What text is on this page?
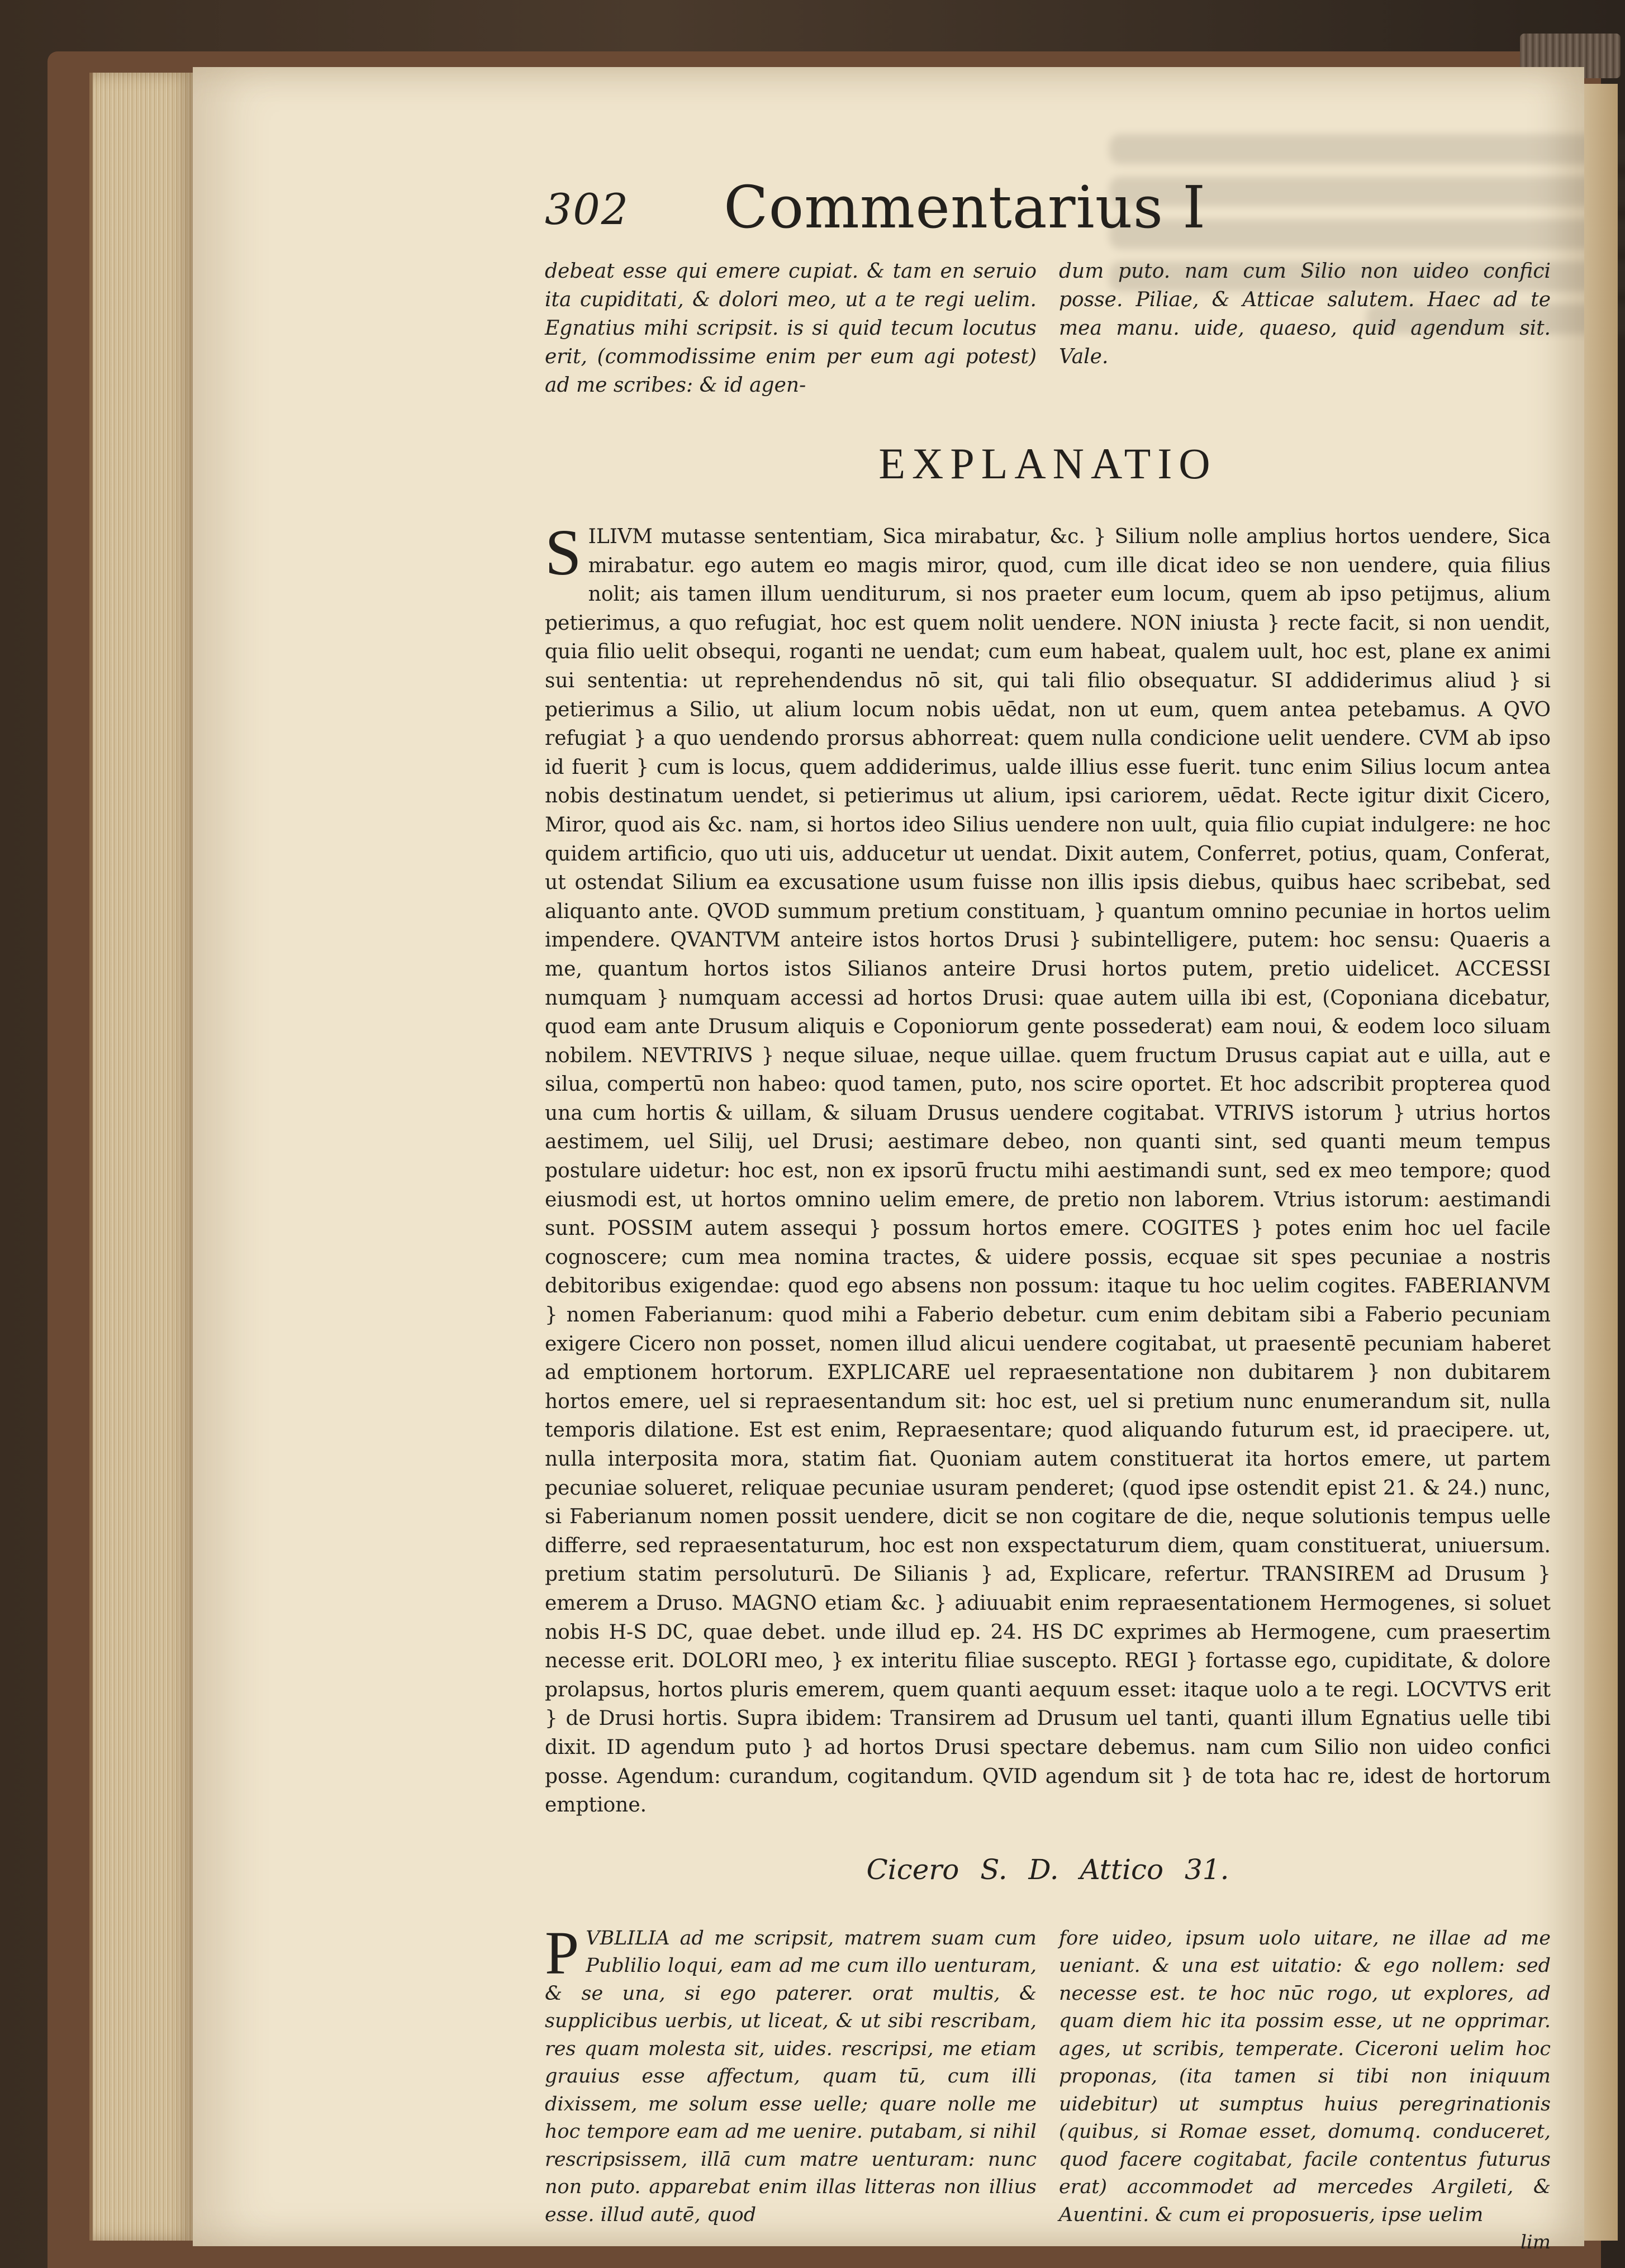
302 Commentarius I

debeat esse qui emere cupiat. & tam en seruio ita cupiditati, & dolori meo, ut a te regi uelim. Egnatius mihi scripsit. is si quid tecum locutus erit, (commodissime enim per eum agi potest) ad me scribes: & id agen-

dum puto. nam cum Silio non uideo confici posse. Piliae, & Atticae salutem. Haec ad te mea manu. uide, quaeso, quid agendum sit. Vale.

EXPLANATIO
S ILIVM mutasse sententiam, Sica mirabatur, &c. } Silium nolle amplius hortos uendere, Sica mirabatur. ego autem eo magis miror, quod, cum ille dicat ideo se non uendere, quia filius nolit; ais tamen illum uenditurum, si nos praeter eum locum, quem ab ipso petijmus, alium petierimus, a quo refugiat, hoc est quem nolit uendere. NON iniusta } recte facit, si non uendit, quia filio uelit obsequi, roganti ne uendat; cum eum habeat, qualem uult, hoc est, plane ex animi sui sententia: ut reprehendendus nō sit, qui tali filio obsequatur. SI addiderimus aliud } si petierimus a Silio, ut alium locum nobis uēdat, non ut eum, quem antea petebamus. A QVO refugiat } a quo uendendo prorsus abhorreat: quem nulla condicione uelit uendere. CVM ab ipso id fuerit } cum is locus, quem addiderimus, ualde illius esse fuerit. tunc enim Silius locum antea nobis destinatum uendet, si petierimus ut alium, ipsi cariorem, uēdat. Recte igitur dixit Cicero, Miror, quod ais &c. nam, si hortos ideo Silius uendere non uult, quia filio cupiat indulgere: ne hoc quidem artificio, quo uti uis, adducetur ut uendat. Dixit autem, Conferret, potius, quam, Conferat, ut ostendat Silium ea excusatione usum fuisse non illis ipsis diebus, quibus haec scribebat, sed aliquanto ante. QVOD summum pretium constituam, } quantum omnino pecuniae in hortos uelim impendere. QVANTVM anteire istos hortos Drusi } subintelligere, putem: hoc sensu: Quaeris a me, quantum hortos istos Silianos anteire Drusi hortos putem, pretio uidelicet. ACCESSI numquam } numquam accessi ad hortos Drusi: quae autem uilla ibi est, (Coponiana dicebatur, quod eam ante Drusum aliquis e Coponiorum gente possederat) eam noui, & eodem loco siluam nobilem. NEVTRIVS } neque siluae, neque uillae. quem fructum Drusus capiat aut e uilla, aut e silua, compertū non habeo: quod tamen, puto, nos scire oportet. Et hoc adscribit propterea quod una cum hortis & uillam, & siluam Drusus uendere cogitabat. VTRIVS istorum } utrius hortos aestimem, uel Silij, uel Drusi; aestimare debeo, non quanti sint, sed quanti meum tempus postulare uidetur: hoc est, non ex ipsorū fructu mihi aestimandi sunt, sed ex meo tempore; quod eiusmodi est, ut hortos omnino uelim emere, de pretio non laborem. Vtrius istorum: aestimandi sunt. POSSIM autem assequi } possum hortos emere. COGITES } potes enim hoc uel facile cognoscere; cum mea nomina tractes, & uidere possis, ecquae sit spes pecuniae a nostris debitoribus exigendae: quod ego absens non possum: itaque tu hoc uelim cogites. FABERIANVM } nomen Faberianum: quod mihi a Faberio debetur. cum enim debitam sibi a Faberio pecuniam exigere Cicero non posset, nomen illud alicui uendere cogitabat, ut praesentē pecuniam haberet ad emptionem hortorum. EXPLICARE uel repraesentatione non dubitarem } non dubitarem hortos emere, uel si repraesentandum sit: hoc est, uel si pretium nunc enumerandum sit, nulla temporis dilatione. Est est enim, Repraesentare; quod aliquando futurum est, id praecipere. ut, nulla interposita mora, statim fiat. Quoniam autem constituerat ita hortos emere, ut partem pecuniae solueret, reliquae pecuniae usuram penderet; (quod ipse ostendit epist 21. & 24.) nunc, si Faberianum nomen possit uendere, dicit se non cogitare de die, neque solutionis tempus uelle differre, sed repraesentaturum, hoc est non exspectaturum diem, quam constituerat, uniuersum. pretium statim persoluturū. De Silianis } ad, Explicare, refertur. TRANSIREM ad Drusum } emerem a Druso. MAGNO etiam &c. } adiuuabit enim repraesentationem Hermogenes, si soluet nobis H-S DC, quae debet. unde illud ep. 24. HS DC exprimes ab Hermogene, cum praesertim necesse erit. DOLORI meo, } ex interitu filiae suscepto. REGI } fortasse ego, cupiditate, & dolore prolapsus, hortos pluris emerem, quem quanti aequum esset: itaque uolo a te regi. LOCVTVS erit } de Drusi hortis. Supra ibidem: Transirem ad Drusum uel tanti, quanti illum Egnatius uelle tibi dixit. ID agendum puto } ad hortos Drusi spectare debemus. nam cum Silio non uideo confici posse. Agendum: curandum, cogitandum. QVID agendum sit } de tota hac re, idest de hortorum emptione.

Cicero S. D. Attico 31.
P VBLILIA ad me scripsit, matrem suam cum Publilio loqui, eam ad me cum illo uenturam, & se una, si ego paterer. orat multis, & supplicibus uerbis, ut liceat, & ut sibi rescribam, res quam molesta sit, uides. rescripsi, me etiam grauius esse affectum, quam tū, cum illi dixissem, me solum esse uelle; quare nolle me hoc tempore eam ad me uenire. putabam, si nihil rescripsissem, illā cum matre uenturam: nunc non puto. apparebat enim illas litteras non illius esse. illud autē, quod

fore uideo, ipsum uolo uitare, ne illae ad me ueniant. & una est uitatio: & ego nollem: sed necesse est. te hoc nūc rogo, ut explores, ad quam diem hic ita possim esse, ut ne opprimar. ages, ut scribis, temperate. Ciceroni uelim hoc proponas, (ita tamen si tibi non iniquum uidebitur) ut sumptus huius peregrinationis (quibus, si Romae esset, domumq. conduceret, quod facere cogitabat, facile contentus futurus erat) accommodet ad mercedes Argileti, & Auentini. & cum ei proposueris, ipse uelim

lim
